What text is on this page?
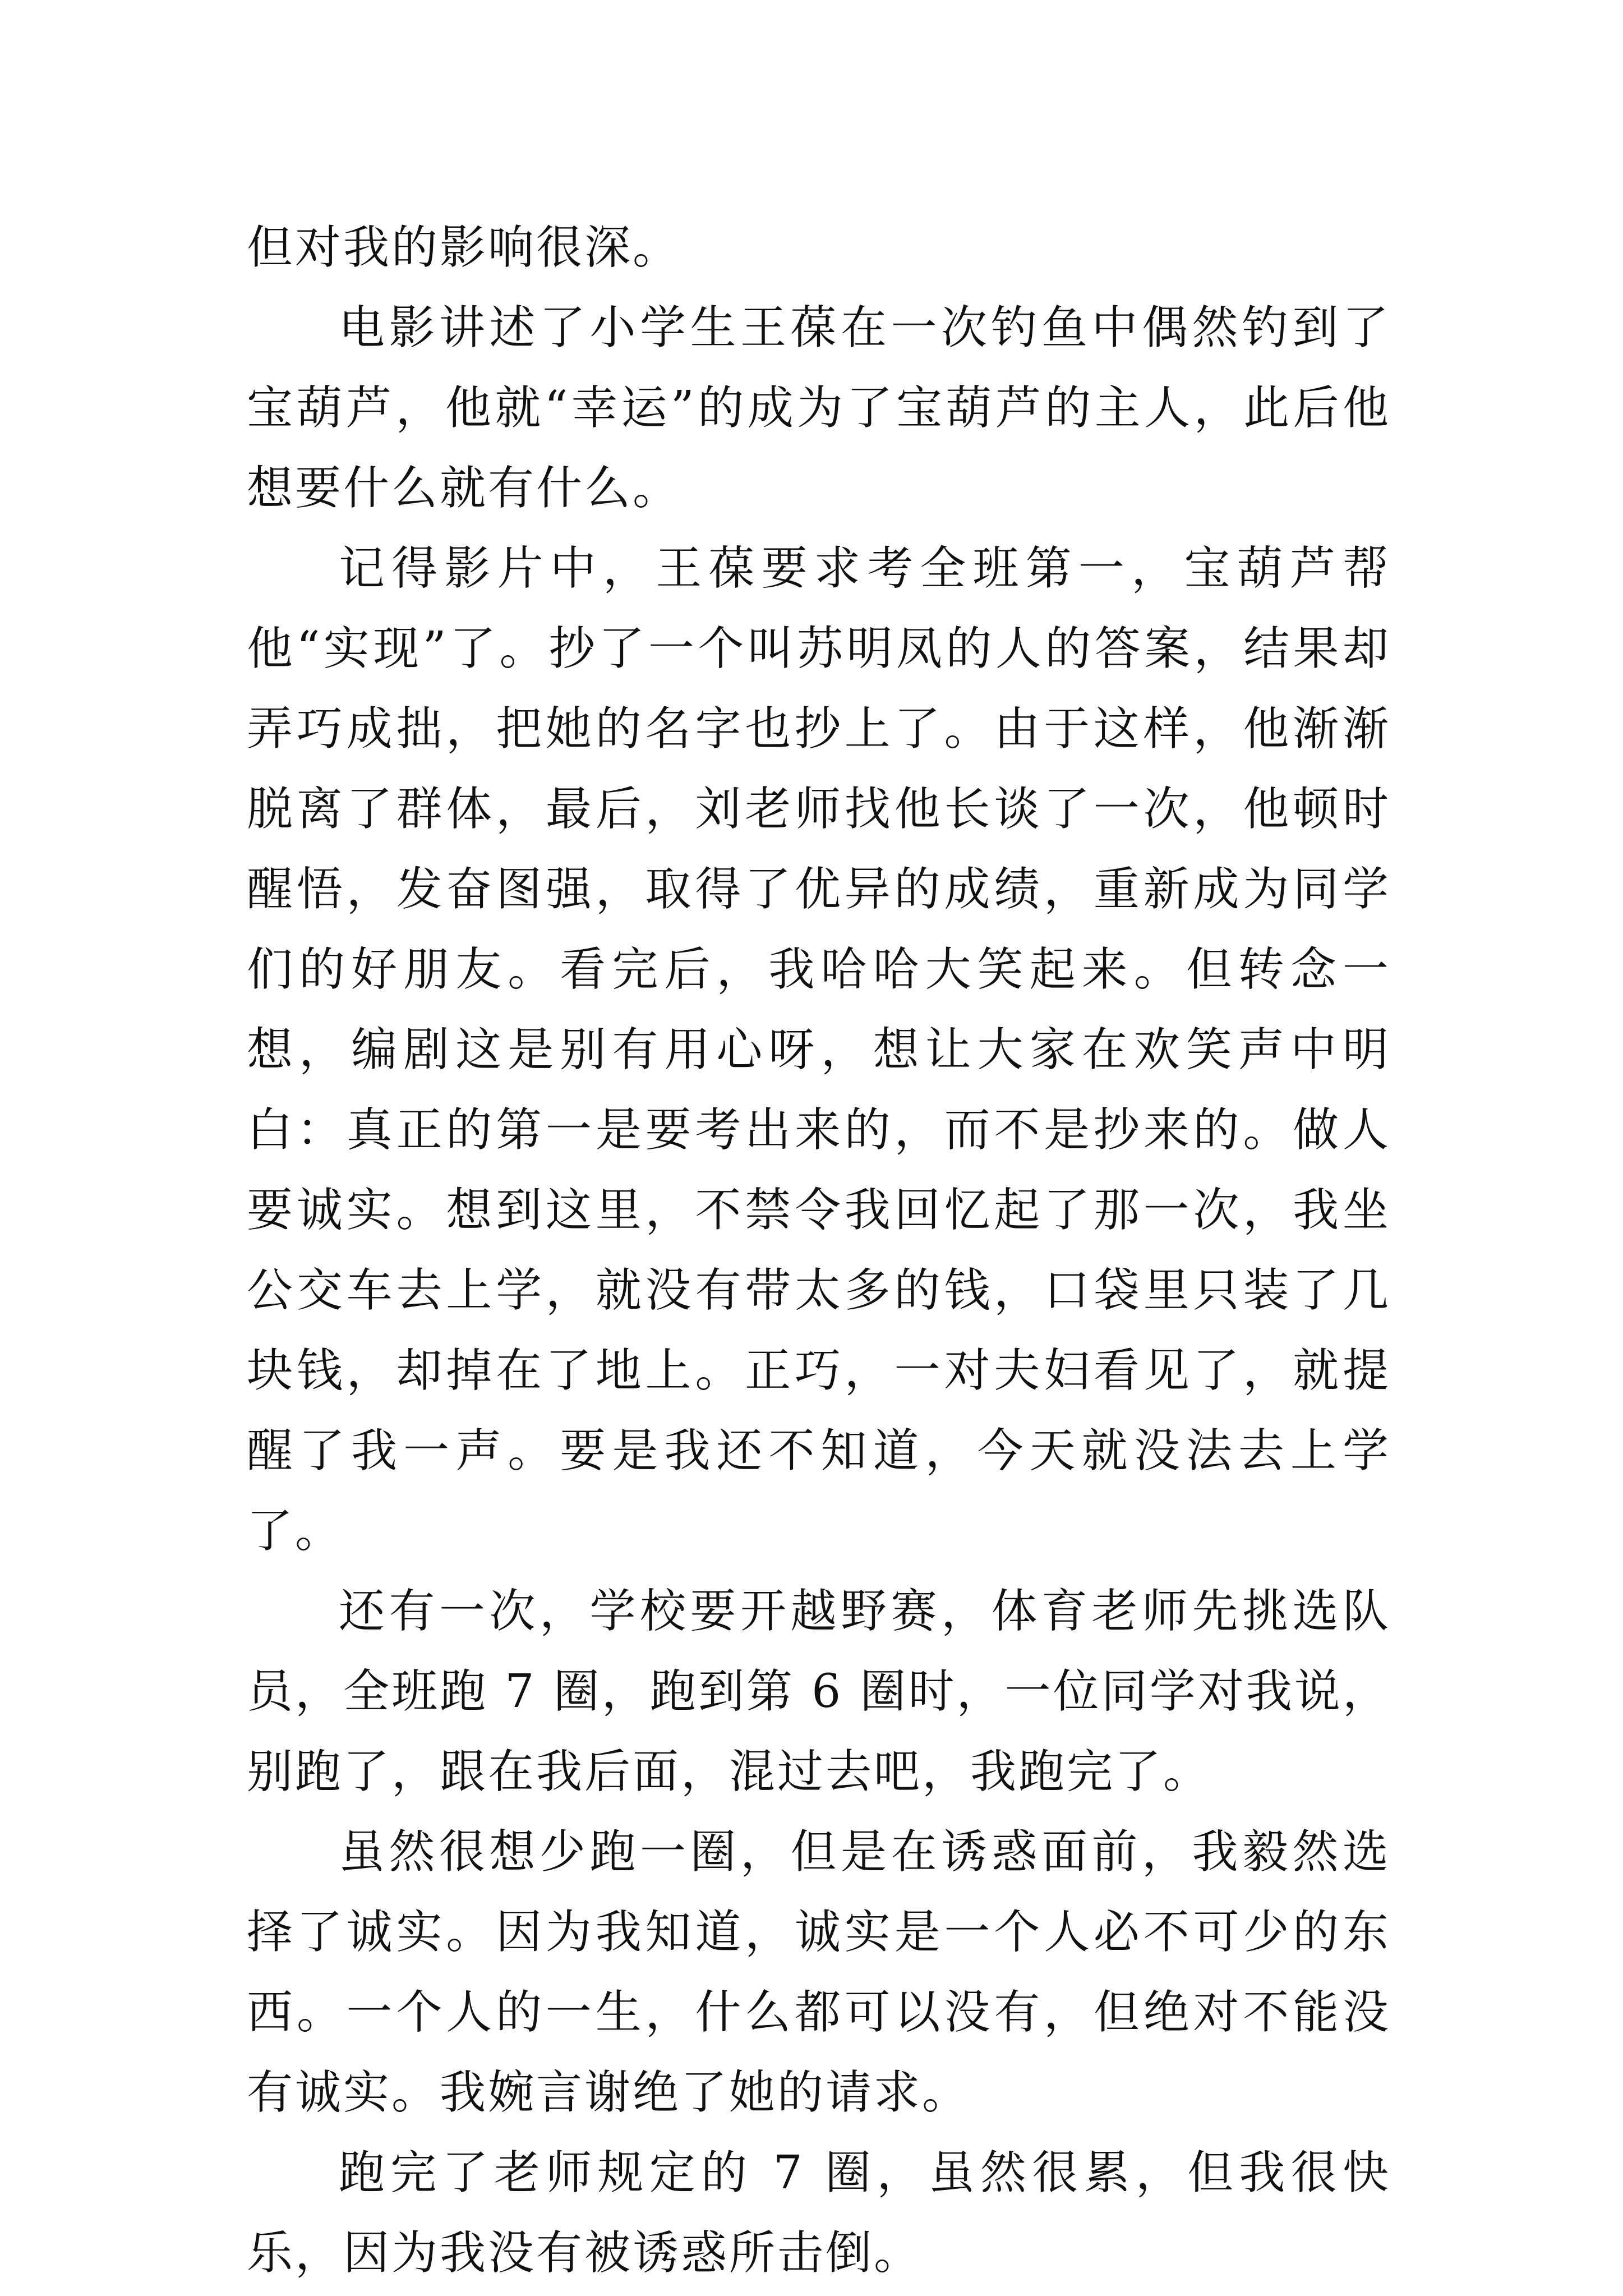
但对我的影响很深。

电影讲述了小学生王葆在一次钓鱼中偶然钓到了宝葫芦，他就“幸运”的成为了宝葫芦的主人，此后他想要什么就有什么。

记得影片中，王葆要求考全班第一，宝葫芦帮他“实现”了。抄了一个叫苏明凤的人的答案，结果却弄巧成拙，把她的名字也抄上了。由于这样，他渐渐脱离了群体，最后，刘老师找他长谈了一次，他顿时醒悟，发奋图强，取得了优异的成绩，重新成为同学们的好朋友。看完后，我哈哈大笑起来。但转念一想，编剧这是别有用心呀，想让大家在欢笑声中明白：真正的第一是要考出来的，而不是抄来的。做人要诚实。想到这里，不禁令我回忆起了那一次，我坐公交车去上学，就没有带太多的钱，口袋里只装了几块钱，却掉在了地上。正巧，一对夫妇看见了，就提醒了我一声。要是我还不知道，今天就没法去上学了。

还有一次，学校要开越野赛，体育老师先挑选队员，全班跑 7 圈，跑到第 6 圈时，一位同学对我说，别跑了，跟在我后面，混过去吧，我跑完了。

虽然很想少跑一圈，但是在诱惑面前，我毅然选择了诚实。因为我知道，诚实是一个人必不可少的东西。一个人的一生，什么都可以没有，但绝对不能没有诚实。我婉言谢绝了她的请求。

跑完了老师规定的 7 圈，虽然很累，但我很快乐，因为我没有被诱惑所击倒。
